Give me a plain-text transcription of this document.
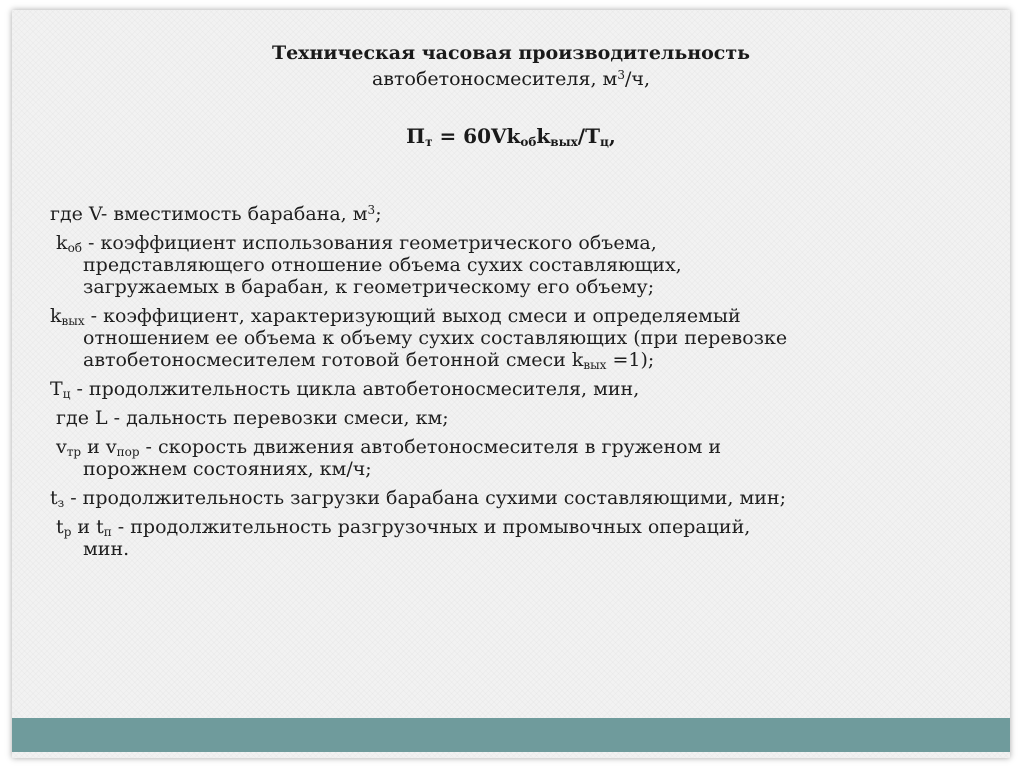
Техническая часовая производительность
автобетоносмесителя, $м^3/ч$,
$П_т = 60Vk_{об}k_{вых}/T_ц$,
где V- вместимость барабана, $м^3$;
$k_{об}$ - коэффициент использования геометрического объема,
представляющего отношение объема сухих составляющих,
загружаемых в барабан, к геометрическому его объему;
$k_{вых}$ - коэффициент, характеризующий выход смеси и определяемый
отношением ее объема к объему сухих составляющих (при перевозке
автобетоносмесителем готовой бетонной смеси $k_{вых} =1$);
$T_ц$ - продолжительность цикла автобетоносмесителя, мин,
где L - дальность перевозки смеси, км;
$v_{тр}$ и $v_{пор}$ - скорость движения автобетоносмесителя в груженом и
порожнем состояниях, км/ч;
$t_з$ - продолжительность загрузки барабана сухими составляющими, мин;
$t_р$ и $t_п$ - продолжительность разгрузочных и промывочных операций,
мин.
